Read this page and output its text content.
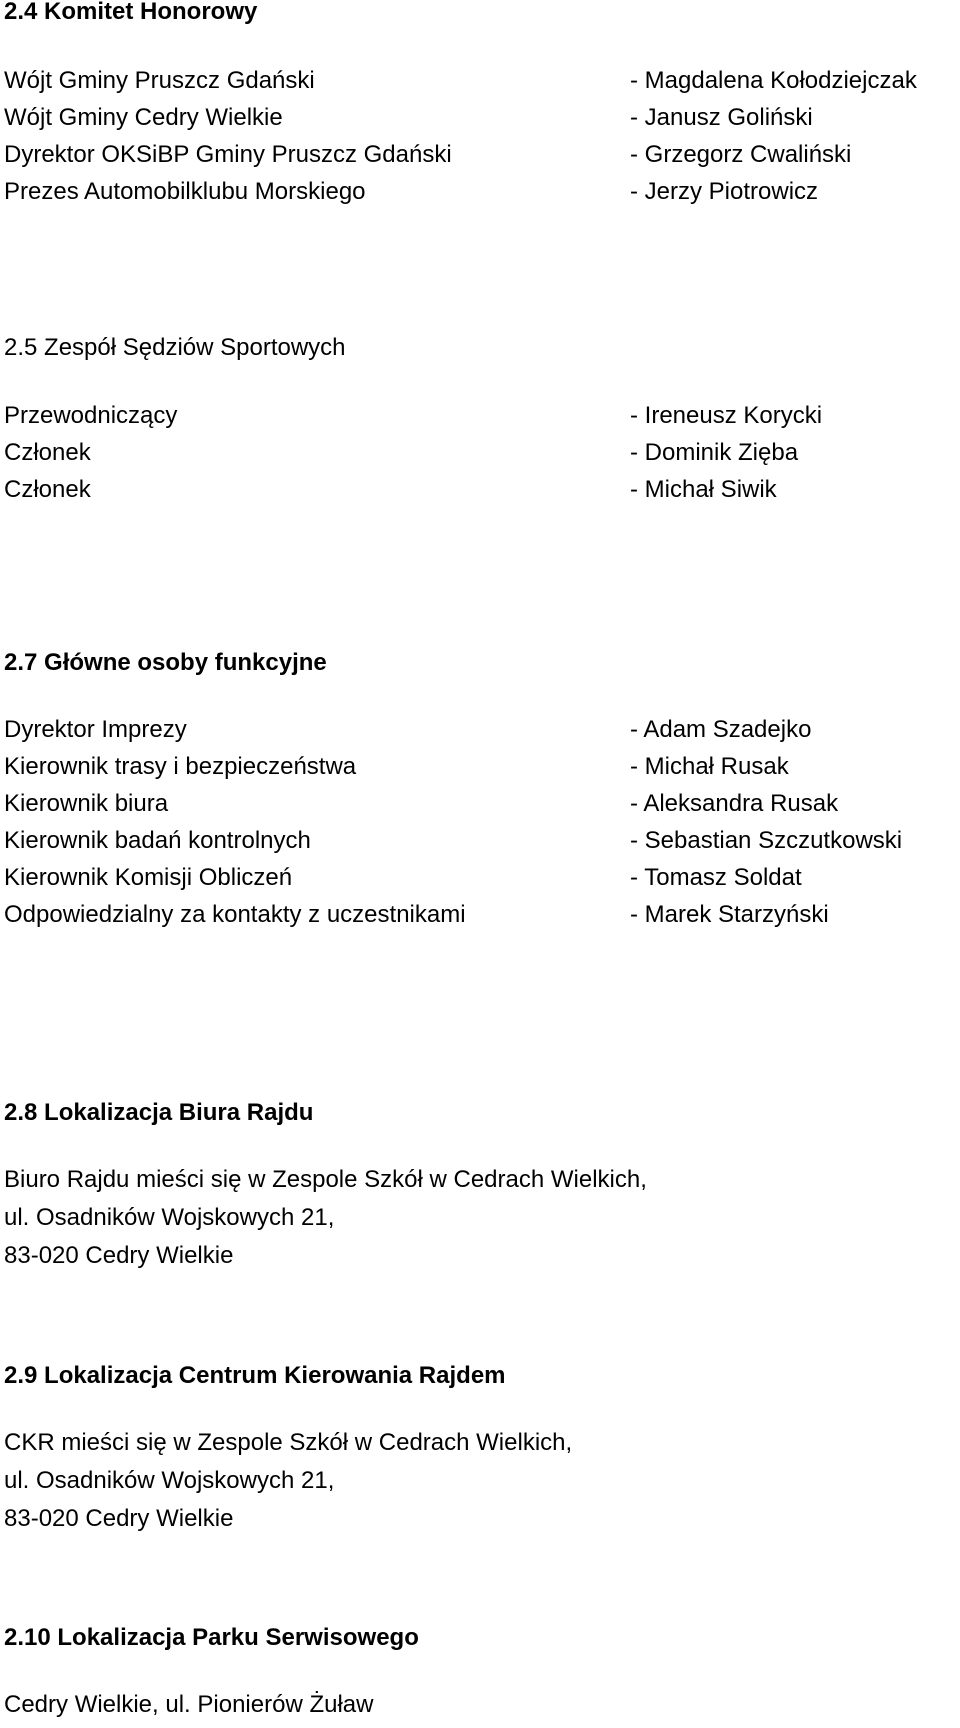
2.4 Komitet Honorowy
Wójt Gminy Pruszcz Gdański	- Magdalena Kołodziejczak
Wójt Gminy Cedry Wielkie	- Janusz Goliński
Dyrektor OKSiBP Gminy Pruszcz Gdański	- Grzegorz Cwaliński
Prezes Automobilklubu Morskiego	- Jerzy Piotrowicz
2.5 Zespół Sędziów Sportowych
Przewodniczący	- Ireneusz Korycki
Członek	- Dominik Zięba
Członek	- Michał Siwik
2.7 Główne osoby funkcyjne
Dyrektor Imprezy	- Adam Szadejko
Kierownik trasy i bezpieczeństwa	- Michał Rusak
Kierownik biura	- Aleksandra Rusak
Kierownik badań kontrolnych	- Sebastian Szczutkowski
Kierownik Komisji Obliczeń	- Tomasz Soldat
Odpowiedzialny za kontakty z uczestnikami	- Marek Starzyński
2.8 Lokalizacja Biura Rajdu
Biuro Rajdu mieści się w Zespole Szkół w Cedrach Wielkich,
ul. Osadników Wojskowych 21,
83-020 Cedry Wielkie
2.9 Lokalizacja Centrum Kierowania Rajdem
CKR mieści się w Zespole Szkół w Cedrach Wielkich,
ul. Osadników Wojskowych 21,
83-020 Cedry Wielkie
2.10 Lokalizacja Parku Serwisowego
Cedry Wielkie, ul. Pionierów Żuław
